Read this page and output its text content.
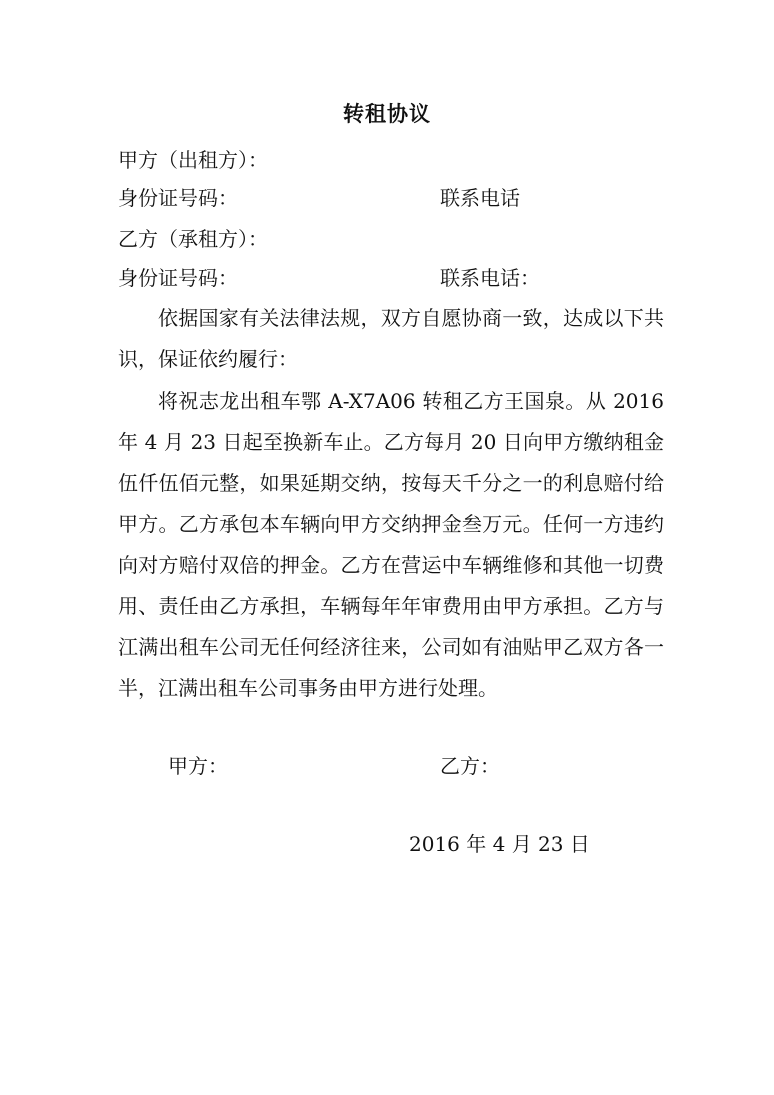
转租协议
甲方（出租方）：
身份证号码：	联系电话
乙方（承租方）：
身份证号码：	联系电话：
依据国家有关法律法规，双方自愿协商一致，达成以下共识，保证依约履行：
将祝志龙出租车鄂 A-X7A06 转租乙方王国泉。从 2016 年 4 月 23 日起至换新车止。乙方每月 20 日向甲方缴纳租金伍仟伍佰元整，如果延期交纳，按每天千分之一的利息赔付给甲方。乙方承包本车辆向甲方交纳押金叁万元。任何一方违约向对方赔付双倍的押金。乙方在营运中车辆维修和其他一切费用、责任由乙方承担，车辆每年年审费用由甲方承担。乙方与江满出租车公司无任何经济往来，公司如有油贴甲乙双方各一半，江满出租车公司事务由甲方进行处理。
甲方：	乙方：
2016 年 4 月 23 日
